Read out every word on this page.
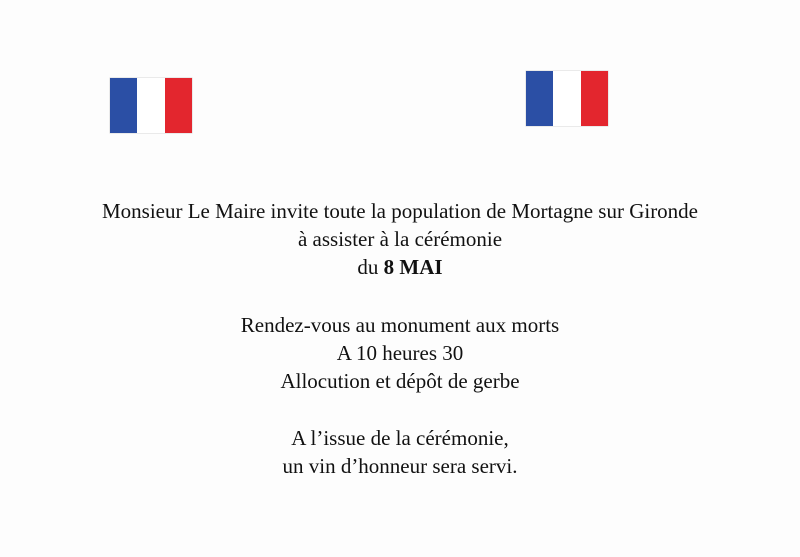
Monsieur Le Maire invite toute la population de Mortagne sur Gironde
à assister à la cérémonie
du 8 MAI
Rendez-vous au monument aux morts
A 10 heures 30
Allocution et dépôt de gerbe
A l’issue de la cérémonie,
un vin d’honneur sera servi.
